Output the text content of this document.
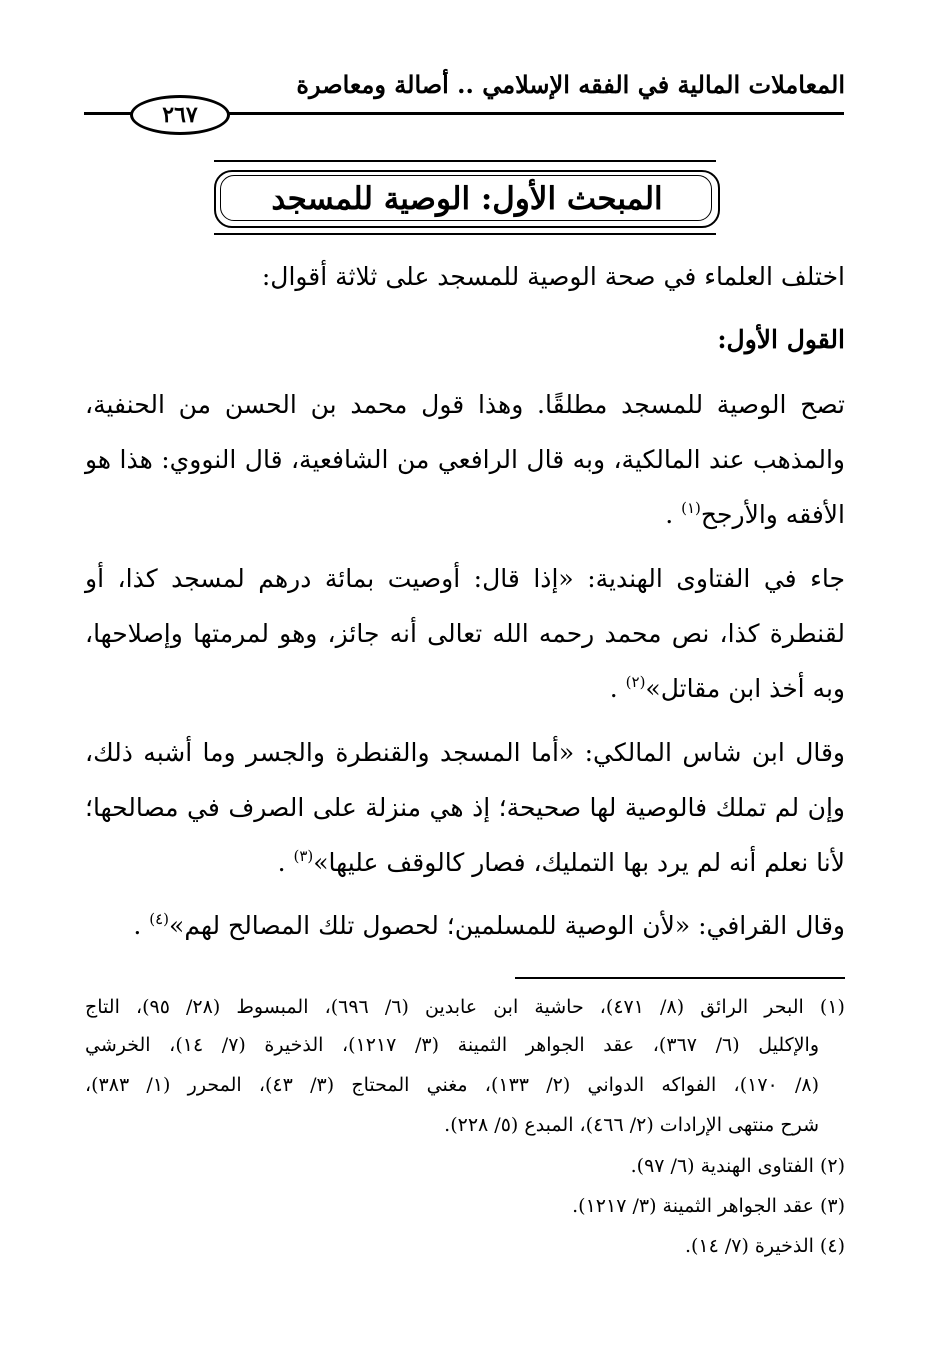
المعاملات المالية في الفقه الإسلامي .. أصالة ومعاصرة
٢٦٧
المبحث الأول: الوصية للمسجد
اختلف العلماء في صحة الوصية للمسجد على ثلاثة أقوال:
القول الأول:
تصح الوصية للمسجد مطلقًا. وهذا قول محمد بن الحسن من الحنفية،
والمذهب عند المالكية، وبه قال الرافعي من الشافعية، قال النووي: هذا هو
الأفقه والأرجح$^{(١)}$ .
جاء في الفتاوى الهندية: «إذا قال: أوصيت بمائة درهم لمسجد كذا، أو
لقنطرة كذا، نص محمد رحمه الله تعالى أنه جائز، وهو لمرمتها وإصلاحها،
وبه أخذ ابن مقاتل»$^{(٢)}$ .
وقال ابن شاس المالكي: «أما المسجد والقنطرة والجسر وما أشبه ذلك،
وإن لم تملك فالوصية لها صحيحة؛ إذ هي منزلة على الصرف في مصالحها؛
لأنا نعلم أنه لم يرد بها التمليك، فصار كالوقف عليها»$^{(٣)}$ .
وقال القرافي: «لأن الوصية للمسلمين؛ لحصول تلك المصالح لهم»$^{(٤)}$ .
(١) البحر الرائق (٨/ ٤٧١)، حاشية ابن عابدين (٦/ ٦٩٦)، المبسوط (٢٨/ ٩٥)، التاج
والإكليل (٦/ ٣٦٧)، عقد الجواهر الثمينة (٣/ ١٢١٧)، الذخيرة (٧/ ١٤)، الخرشي
(٨/ ١٧٠)، الفواكه الدواني (٢/ ١٣٣)، مغني المحتاج (٣/ ٤٣)، المحرر (١/ ٣٨٣)،
شرح منتهى الإرادات (٢/ ٤٦٦)، المبدع (٥/ ٢٢٨).
(٢) الفتاوى الهندية (٦/ ٩٧).
(٣) عقد الجواهر الثمينة (٣/ ١٢١٧).
(٤) الذخيرة (٧/ ١٤).
